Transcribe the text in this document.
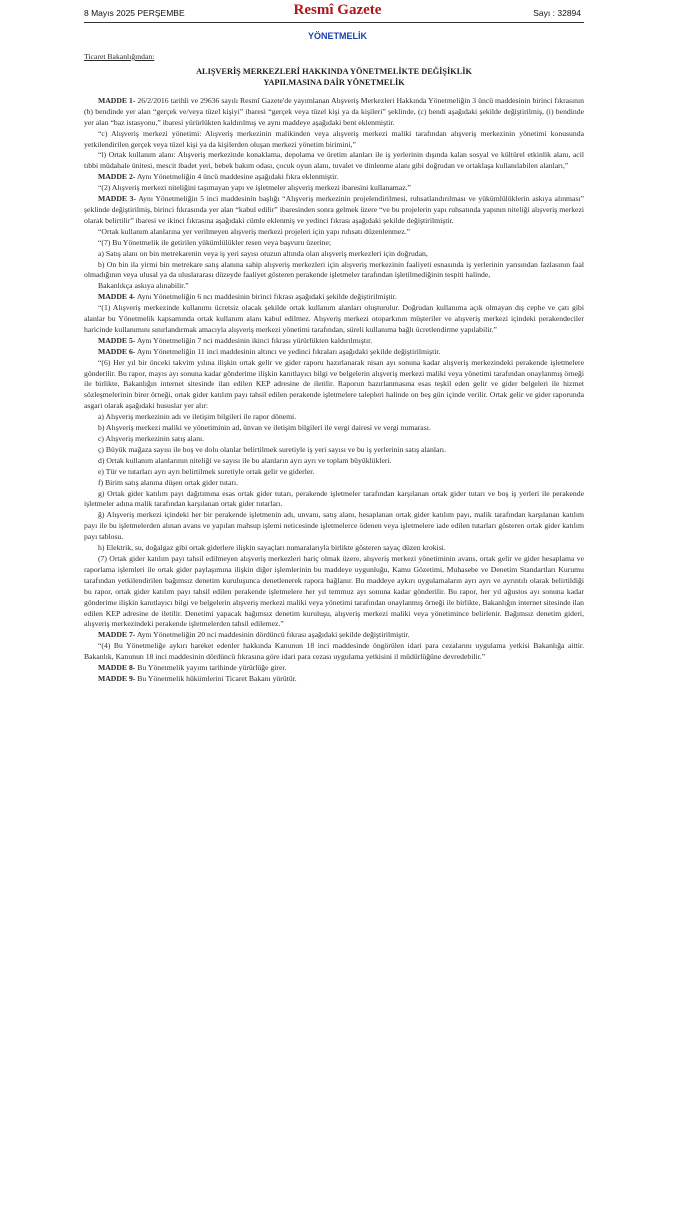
8 Mayıs 2025 PERŞEMBE	Resmî Gazete	Sayı : 32894
YÖNETMELİK
Ticaret Bakanlığından:
ALIŞVERİŞ MERKEZLERİ HAKKINDA YÖNETMELİKTE DEĞİŞİKLİK
YAPILMASINA DAİR YÖNETMELİK

MADDE 1- 26/2/2016 tarihli ve 29636 sayılı Resmî Gazete'de yayımlanan Alışveriş Merkezleri Hakkında Yönetmeliğin 3 üncü maddesinin birinci fıkrasının (b) bendinde yer alan “gerçek ve/veya tüzel kişiyi” ibaresi “gerçek veya tüzel kişi ya da kişileri” şeklinde, (c) bendi aşağıdaki şekilde değiştirilmiş, (i) bendinde yer alan “baz istasyonu,” ibaresi yürürlükten kaldırılmış ve aynı maddeye aşağıdaki bent eklenmiştir.

“c) Alışveriş merkezi yönetimi: Alışveriş merkezinin malikinden veya alışveriş merkezi maliki tarafından alışveriş merkezinin yönetimi konusunda yetkilendirilen gerçek veya tüzel kişi ya da kişilerden oluşan merkezi yönetim birimini,”

“l) Ortak kullanım alanı: Alışveriş merkezinde konaklama, depolama ve üretim alanları ile iş yerlerinin dışında kalan sosyal ve kültürel etkinlik alanı, acil tıbbi müdahale ünitesi, mescit ibadet yeri, bebek bakım odası, çocuk oyun alanı, tuvalet ve dinlenme alanı gibi doğrudan ve ortaklaşa kullanılabilen alanları,”

MADDE 2- Aynı Yönetmeliğin 4 üncü maddesine aşağıdaki fıkra eklenmiştir.

“(2) Alışveriş merkezi niteliğini taşımayan yapı ve işletmeler alışveriş merkezi ibaresini kullanamaz.”

MADDE 3- Aynı Yönetmeliğin 5 inci maddesinin başlığı “Alışveriş merkezinin projelendirilmesi, ruhsatlandırılması ve yükümlülüklerin askıya alınması” şeklinde değiştirilmiş, birinci fıkrasında yer alan “kabul edilir” ibaresinden sonra gelmek üzere “ve bu projelerin yapı ruhsatında yapının niteliği alışveriş merkezi olarak belirtilir” ibaresi ve ikinci fıkrasına aşağıdaki cümle eklenmiş ve yedinci fıkrası aşağıdaki şekilde değiştirilmiştir.

“Ortak kullanım alanlarına yer verilmeyen alışveriş merkezi projeleri için yapı ruhsatı düzenlenmez.”

“(7) Bu Yönetmelik ile getirilen yükümlülükler resen veya başvuru üzerine;

a) Satış alanı on bin metrekarenin veya iş yeri sayısı otuzun altında olan alışveriş merkezleri için doğrudan,

b) On bin ila yirmi bin metrekare satış alanına sahip alışveriş merkezleri için alışveriş merkezinin faaliyeti esnasında iş yerlerinin yarısından fazlasının faal olmadığının veya ulusal ya da uluslararası düzeyde faaliyet gösteren perakende işletmeler tarafından işletilmediğinin tespiti halinde,

Bakanlıkça askıya alınabilir.”

MADDE 4- Aynı Yönetmeliğin 6 ncı maddesinin birinci fıkrası aşağıdaki şekilde değiştirilmiştir.

“(1) Alışveriş merkezinde kullanımı ücretsiz olacak şekilde ortak kullanım alanları oluşturulur. Doğrudan kullanıma açık olmayan dış cephe ve çatı gibi alanlar bu Yönetmelik kapsamında ortak kullanım alanı kabul edilmez. Alışveriş merkezi otoparkının müşteriler ve alışveriş merkezi içindeki perakendeciler haricinde kullanımını sınırlandırmak amacıyla alışveriş merkezi yönetimi tarafından, süreli kullanıma bağlı ücretlendirme yapılabilir.”

MADDE 5- Aynı Yönetmeliğin 7 nci maddesinin ikinci fıkrası yürürlükten kaldırılmıştır.

MADDE 6- Aynı Yönetmeliğin 11 inci maddesinin altıncı ve yedinci fıkraları aşağıdaki şekilde değiştirilmiştir.

“(6) Her yıl bir önceki takvim yılına ilişkin ortak gelir ve gider raporu hazırlanarak nisan ayı sonuna kadar alışveriş merkezindeki perakende işletmelere gönderilir. Bu rapor, mayıs ayı sonuna kadar gönderime ilişkin kanıtlayıcı bilgi ve belgelerin alışveriş merkezi maliki veya yönetimi tarafından onaylanmış örneği ile birlikte, Bakanlığın internet sitesinde ilan edilen KEP adresine de iletilir. Raporun hazırlanmasına esas teşkil eden gelir ve gider belgeleri ile hizmet sözleşmelerinin birer örneği, ortak gider katılım payı tahsil edilen perakende işletmelere talepleri halinde on beş gün içinde verilir. Ortak gelir ve gider raporunda asgari olarak aşağıdaki hususlar yer alır:

a) Alışveriş merkezinin adı ve iletişim bilgileri ile rapor dönemi.

b) Alışveriş merkezi maliki ve yönetiminin ad, ünvan ve iletişim bilgileri ile vergi dairesi ve vergi numarası.

c) Alışveriş merkezinin satış alanı.

ç) Büyük mağaza sayısı ile boş ve dolu olanlar belirtilmek suretiyle iş yeri sayısı ve bu iş yerlerinin satış alanları.

d) Ortak kullanım alanlarının niteliği ve sayısı ile bu alanların ayrı ayrı ve toplam büyüklükleri.

e) Tür ve tutarları ayrı ayrı belirtilmek suretiyle ortak gelir ve giderler.

f) Birim satış alanına düşen ortak gider tutarı.

g) Ortak gider katılım payı dağıtımına esas ortak gider tutarı, perakende işletmeler tarafından karşılanan ortak gider tutarı ve boş iş yerleri ile perakende işletmeler adına malik tarafından karşılanan ortak gider tutarları.

ğ) Alışveriş merkezi içindeki her bir perakende işletmenin adı, unvanı, satış alanı, hesaplanan ortak gider katılım payı, malik tarafından karşılanan katılım payı ile bu işletmelerden alınan avans ve yapılan mahsup işlemi neticesinde işletmelerce ödenen veya işletmelere iade edilen tutarları gösteren ortak gider katılım payı tablosu.

h) Elektrik, su, doğalgaz gibi ortak giderlere ilişkin sayaçları numaralarıyla birlikte gösteren sayaç düzen krokisi.

(7) Ortak gider katılım payı tahsil edilmeyen alışveriş merkezleri hariç olmak üzere, alışveriş merkezi yönetiminin avans, ortak gelir ve gider hesaplama ve raporlama işlemleri ile ortak gider paylaşımına ilişkin diğer işlemlerinin bu maddeye uygunluğu, Kamu Gözetimi, Muhasebe ve Denetim Standartları Kurumu tarafından yetkilendirilen bağımsız denetim kuruluşunca denetlenerek rapora bağlanır. Bu maddeye aykırı uygulamaların ayrı ayrı ve ayrıntılı olarak belirtildiği bu rapor, ortak gider katılım payı tahsil edilen perakende işletmelere her yıl temmuz ayı sonuna kadar gönderilir. Bu rapor, her yıl ağustos ayı sonuna kadar gönderime ilişkin kanıtlayıcı bilgi ve belgelerin alışveriş merkezi maliki veya yönetimi tarafından onaylanmış örneği ile birlikte, Bakanlığın internet sitesinde ilan edilen KEP adresine de iletilir. Denetimi yapacak bağımsız denetim kuruluşu, alışveriş merkezi maliki veya yönetimince belirlenir. Bağımsız denetim gideri, alışveriş merkezindeki perakende işletmelerden tahsil edilemez.”

MADDE 7- Aynı Yönetmeliğin 20 nci maddesinin dördüncü fıkrası aşağıdaki şekilde değiştirilmiştir.

“(4) Bu Yönetmeliğe aykırı hareket edenler hakkında Kanunun 18 inci maddesinde öngörülen idari para cezalarını uygulama yetkisi Bakanlığa aittir. Bakanlık, Kanunun 18 inci maddesinin dördüncü fıkrasına göre idari para cezası uygulama yetkisini il müdürlüğüne devredebilir.”

MADDE 8- Bu Yönetmelik yayımı tarihinde yürürlüğe girer.

MADDE 9- Bu Yönetmelik hükümlerini Ticaret Bakanı yürütür.
